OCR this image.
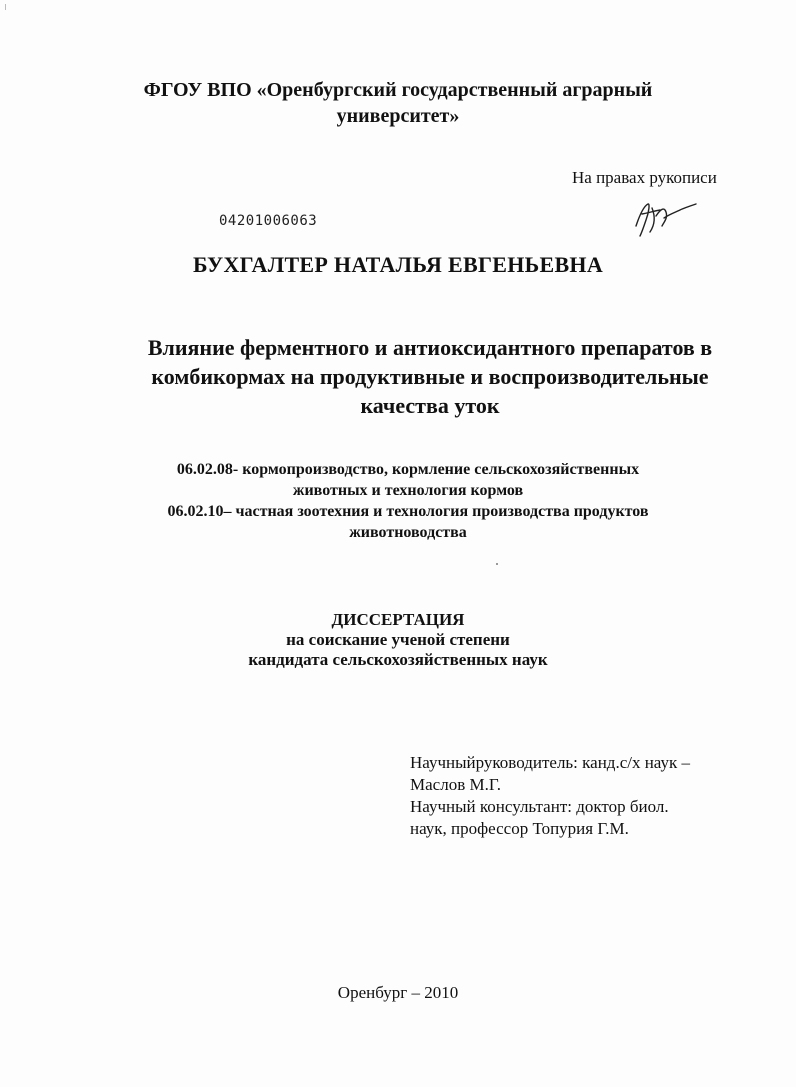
ФГОУ ВПО «Оренбургский государственный аграрный
университет»
На правах рукописи
04201006063
БУХГАЛТЕР НАТАЛЬЯ ЕВГЕНЬЕВНА
Влияние ферментного и антиоксидантного препаратов в
комбикормах на продуктивные и воспроизводительные
качества уток
06.02.08- кормопроизводство, кормление сельскохозяйственных
животных и технология кормов
06.02.10– частная зоотехния и технология производства продуктов
животноводства
ДИССЕРТАЦИЯ
на соискание ученой степени
кандидата сельскохозяйственных наук
Научныйруководитель: канд.с/х наук –
Маслов М.Г.
Научный консультант: доктор биол.
наук, профессор Топурия Г.М.
Оренбург – 2010
